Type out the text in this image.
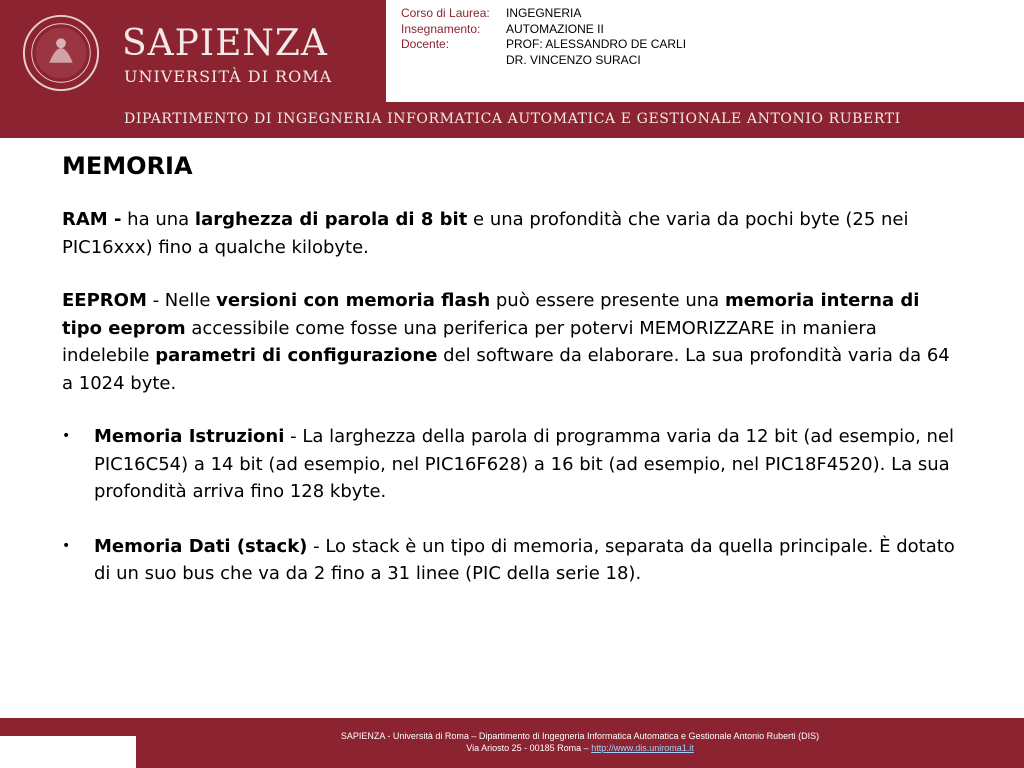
SAPIENZA
UNIVERSITÀ DI ROMA
Corso di Laurea:	INGEGNERIA
Insegnamento:	AUTOMAZIONE II
Docente:	PROF: ALESSANDRO DE CARLI
DR. VINCENZO SURACI
DIPARTIMENTO DI INGEGNERIA INFORMATICA AUTOMATICA E GESTIONALE ANTONIO RUBERTI
MEMORIA

RAM - ha una larghezza di parola di 8 bit e una profondità che varia da pochi byte (25 nei PIC16xxx) fino a qualche kilobyte.

EEPROM - Nelle versioni con memoria flash può essere presente una memoria interna di tipo eeprom accessibile come fosse una periferica per potervi MEMORIZZARE in maniera indelebile parametri di configurazione del software da elaborare. La sua profondità varia da 64 a 1024 byte.

• Memoria Istruzioni - La larghezza della parola di programma varia da 12 bit (ad esempio, nel PIC16C54) a 14 bit (ad esempio, nel PIC16F628) a 16 bit (ad esempio, nel PIC18F4520). La sua profondità arriva fino 128 kbyte.
• Memoria Dati (stack) - Lo stack è un tipo di memoria, separata da quella principale. È dotato di un suo bus che va da 2 fino a 31 linee (PIC della serie 18).
SAPIENZA - Università di Roma – Dipartimento di Ingegneria Informatica Automatica e Gestionale Antonio Ruberti (DIS)
Via Ariosto 25 - 00185 Roma – http://www.dis.uniroma1.it
